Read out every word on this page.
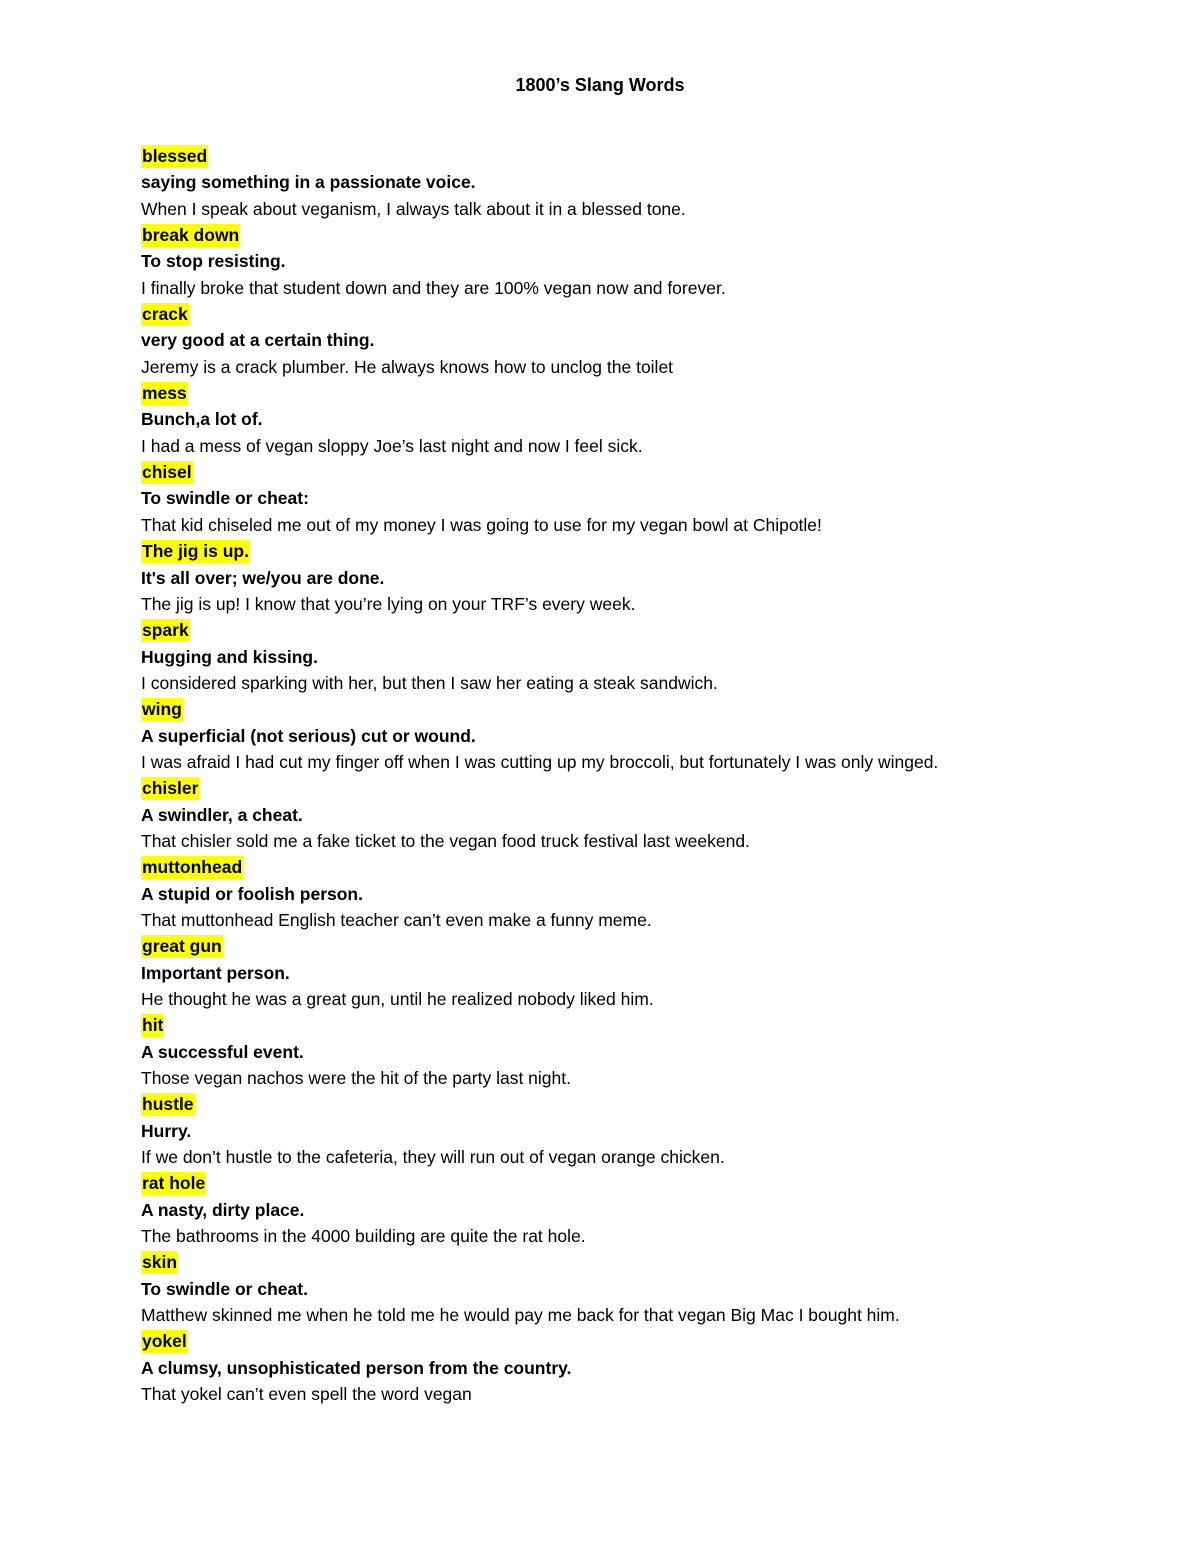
1800’s Slang Words
blessed
saying something in a passionate voice.
When I speak about veganism, I always talk about it in a blessed tone.
break down
To stop resisting.
I finally broke that student down and they are 100% vegan now and forever.
crack
very good at a certain thing.
Jeremy is a crack plumber. He always knows how to unclog the toilet
mess
Bunch,a lot of.
I had a mess of vegan sloppy Joe’s last night and now I feel sick.
chisel
To swindle or cheat:
That kid chiseled me out of my money I was going to use for my vegan bowl at Chipotle!
The jig is up.
It's all over; we/you are done.
The jig is up! I know that you’re lying on your TRF’s every week.
spark
Hugging and kissing.
I considered sparking with her, but then I saw her eating a steak sandwich.
wing
A superficial (not serious) cut or wound.
I was afraid I had cut my finger off when I was cutting up my broccoli, but fortunately I was only winged.
chisler
A swindler, a cheat.
That chisler sold me a fake ticket to the vegan food truck festival last weekend.
muttonhead
A stupid or foolish person.
That muttonhead English teacher can’t even make a funny meme.
great gun
Important person.
He thought he was a great gun, until he realized nobody liked him.
hit
A successful event.
Those vegan nachos were the hit of the party last night.
hustle
Hurry.
If we don’t hustle to the cafeteria, they will run out of vegan orange chicken.
rat hole
A nasty, dirty place.
The bathrooms in the 4000 building are quite the rat hole.
skin
To swindle or cheat.
Matthew skinned me when he told me he would pay me back for that vegan Big Mac I bought him.
yokel
A clumsy, unsophisticated person from the country.
That yokel can’t even spell the word vegan
